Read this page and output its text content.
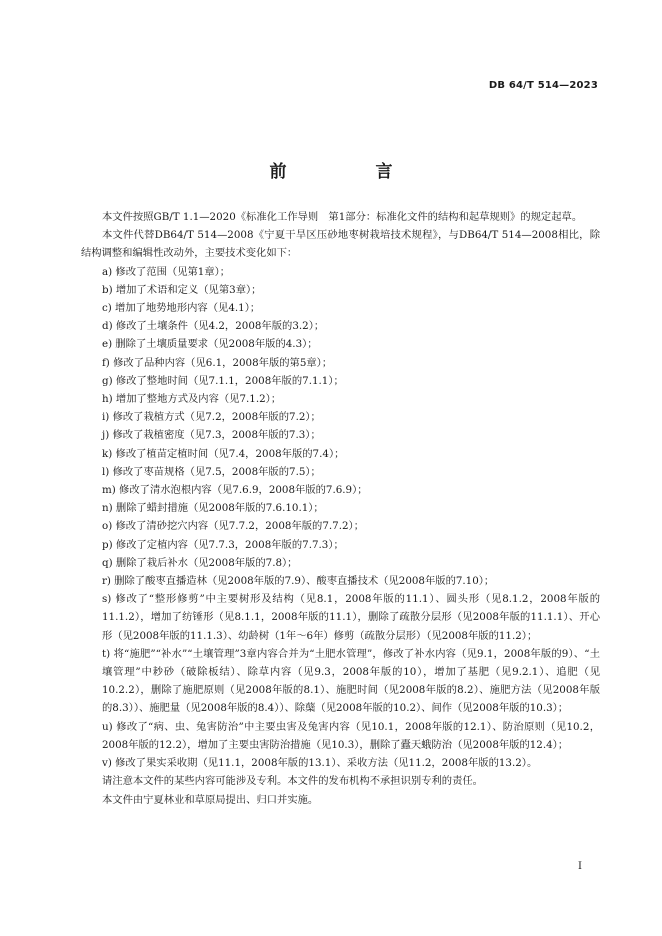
DB 64/T 514—2023
前　言

本文件按照GB/T 1.1—2020《标准化工作导则　第1部分：标准化文件的结构和起草规则》的规定起草。

本文件代替DB64/T 514—2008《宁夏干旱区压砂地枣树栽培技术规程》，与DB64/T 514—2008相比，除结构调整和编辑性改动外，主要技术变化如下：

a) 修改了范围（见第1章）；
b) 增加了术语和定义（见第3章）；
c) 增加了地势地形内容（见4.1）；
d) 修改了土壤条件（见4.2，2008年版的3.2）；
e) 删除了土壤质量要求（见2008年版的4.3）；
f) 修改了品种内容（见6.1，2008年版的第5章）；
g) 修改了整地时间（见7.1.1，2008年版的7.1.1）；
h) 增加了整地方式及内容（见7.1.2）；
i) 修改了栽植方式（见7.2，2008年版的7.2）；
j) 修改了栽植密度（见7.3，2008年版的7.3）；
k) 修改了植苗定植时间（见7.4，2008年版的7.4）；
l) 修改了枣苗规格（见7.5，2008年版的7.5）；
m) 修改了清水泡根内容（见7.6.9，2008年版的7.6.9）；
n) 删除了蜡封措施（见2008年版的7.6.10.1）；
o) 修改了清砂挖穴内容（见7.7.2，2008年版的7.7.2）；
p) 修改了定植内容（见7.7.3，2008年版的7.7.3）；
q) 删除了栽后补水（见2008年版的7.8）；
r) 删除了酸枣直播造林（见2008年版的7.9）、酸枣直播技术（见2008年版的7.10）；
s) 修改了“整形修剪”中主要树形及结构（见8.1，2008年版的11.1）、圆头形（见8.1.2，2008年版的11.1.2），增加了纺锤形（见8.1.1，2008年版的11.1），删除了疏散分层形（见2008年版的11.1.1）、开心形（见2008年版的11.1.3）、幼龄树（1年～6年）修剪（疏散分层形）（见2008年版的11.2）；
t) 将“施肥”“补水”“土壤管理”3章内容合并为“土肥水管理”，修改了补水内容（见9.1，2008年版的9）、“土壤管理”中耖砂（破除板结）、除草内容（见9.3，2008年版的10），增加了基肥（见9.2.1）、追肥（见10.2.2），删除了施肥原则（见2008年版的8.1）、施肥时间（见2008年版的8.2）、施肥方法（见2008年版的8.3））、施肥量（见2008年版的8.4））、除蘖（见2008年版的10.2）、间作（见2008年版的10.3）；
u) 修改了“病、虫、兔害防治”中主要虫害及兔害内容（见10.1，2008年版的12.1）、防治原则（见10.2，2008年版的12.2），增加了主要虫害防治措施（见10.3），删除了蠹天蛾防治（见2008年版的12.4）；
v) 修改了果实采收期（见11.1，2008年版的13.1）、采收方法（见11.2，2008年版的13.2）。

请注意本文件的某些内容可能涉及专利。本文件的发布机构不承担识别专利的责任。

本文件由宁夏林业和草原局提出、归口并实施。

I
